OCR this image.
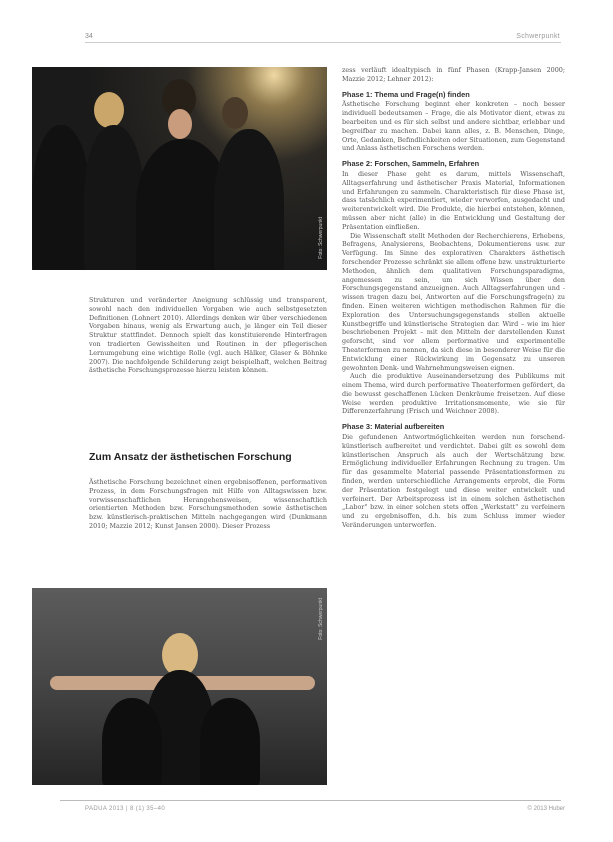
34	Schwerpunkt
Foto: Schwerpunkt

Strukturen und veränderter Aneignung schlüssig und transparent, sowohl nach den individuellen Vorgaben wie auch selbstgesetzten Definitionen (Lohnert 2010). Allerdings denken wir über verschiedenen Vorgaben hinaus, wenig als Erwartung auch, je länger ein Teil dieser Struktur stattfindet. Dennoch spielt das konstituierende Hinterfragen von tradierten Gewissheiten und Routinen in der pflegerischen Lernumgebung eine wichtige Rolle (vgl. auch Hälker, Glaser & Böhnke 2007). Die nachfolgende Schilderung zeigt beispielhaft, welchen Beitrag ästhetische Forschungsprozesse hierzu leisten können.

Zum Ansatz der ästhetischen Forschung

Ästhetische Forschung bezeichnet einen ergebnisoffenen, performativen Prozess, in dem Forschungsfragen mit Hilfe von Alltagswissen bzw. vorwissenschaftlichen Herangehensweisen, wissenschaftlich orientierten Methoden bzw. Forschungsmethoden sowie ästhetischen bzw. künstlerisch-praktischen Mitteln nachgegangen wird (Dunkmann 2010; Mazzie 2012; Kunst Jansen 2000). Dieser Prozess

Foto: Schwerpunkt

zess verläuft idealtypisch in fünf Phasen (Krapp-Jansen 2000; Mazzie 2012; Lehner 2012):

Phase 1: Thema und Frage(n) finden

Ästhetische Forschung beginnt eher konkreten – noch besser individuell bedeutsamen – Frage, die als Motivator dient, etwas zu bearbeiten und es für sich selbst und andere sichtbar, erlebbar und begreifbar zu machen. Dabei kann alles, z. B. Menschen, Dinge, Orte, Gedanken, Befindlichkeiten oder Situationen, zum Gegenstand und Anlass ästhetischen Forschens werden.

Phase 2: Forschen, Sammeln, Erfahren

In dieser Phase geht es darum, mittels Wissenschaft, Alltagserfahrung und ästhetischer Praxis Material, Informationen und Erfahrungen zu sammeln. Charakteristisch für diese Phase ist, dass tatsächlich experimentiert, wieder verworfen, ausgedacht und weiterentwickelt wird. Die Produkte, die hierbei entstehen, können, müssen aber nicht (alle) in die Entwicklung und Gestaltung der Präsentation einfließen.

Die Wissenschaft stellt Methoden der Recherchierens, Erhebens, Befragens, Analysierens, Beobachtens, Dokumentierens usw. zur Verfügung. Im Sinne des explorativen Charakters ästhetisch forschender Prozesse schränkt sie allem offene bzw. unstrukturierte Methoden, ähnlich dem qualitativen Forschungsparadigma, angemessen zu sein, um sich Wissen über den Forschungsgegenstand anzueignen. Auch Alltagserfahrungen und -wissen tragen dazu bei, Antworten auf die Forschungsfrage(n) zu finden. Einen weiteren wichtigen methodischen Rahmen für die Exploration des Untersuchungsgegenstands stellen aktuelle Kunstbegriffe und künstlerische Strategien dar. Wird – wie im hier beschriebenen Projekt – mit den Mitteln der darstellenden Kunst geforscht, sind vor allem performative und experimentelle Theaterformen zu nennen, da sich diese in besonderer Weise für die Entwicklung einer Rückwirkung im Gegensatz zu unseren gewohnten Denk- und Wahrnehmungsweisen eignen.

Auch die produktive Auseinandersetzung des Publikums mit einem Thema, wird durch performative Theaterformen gefördert, da die bewusst geschaffenen Lücken Denkräume freisetzen. Auf diese Weise werden produktive Irritationsmomente, wie sie für Differenzerfahrung (Frisch und Weichner 2008).

Phase 3: Material aufbereiten

Die gefundenen Antwortmöglichkeiten werden nun forschend-künstlerisch aufbereitet und verdichtet. Dabei gilt es sowohl dem künstlerischen Anspruch als auch der Wertschätzung bzw. Ermöglichung individueller Erfahrungen Rechnung zu tragen. Um für das gesammelte Material passende Präsentationsformen zu finden, werden unterschiedliche Arrangements erprobt, die Form der Präsentation festgelegt und diese weiter entwickelt und verfeinert. Der Arbeitsprozess ist in einem solchen ästhetischen „Labor" bzw. in einer solchen stets offen „Werkstatt" zu verfeinern und zu ergebnisoffen, d.h. bis zum Schluss immer wieder Veränderungen unterworfen.

PADUA 2013 | 8 (1) 35–40	© 2013 Huber
